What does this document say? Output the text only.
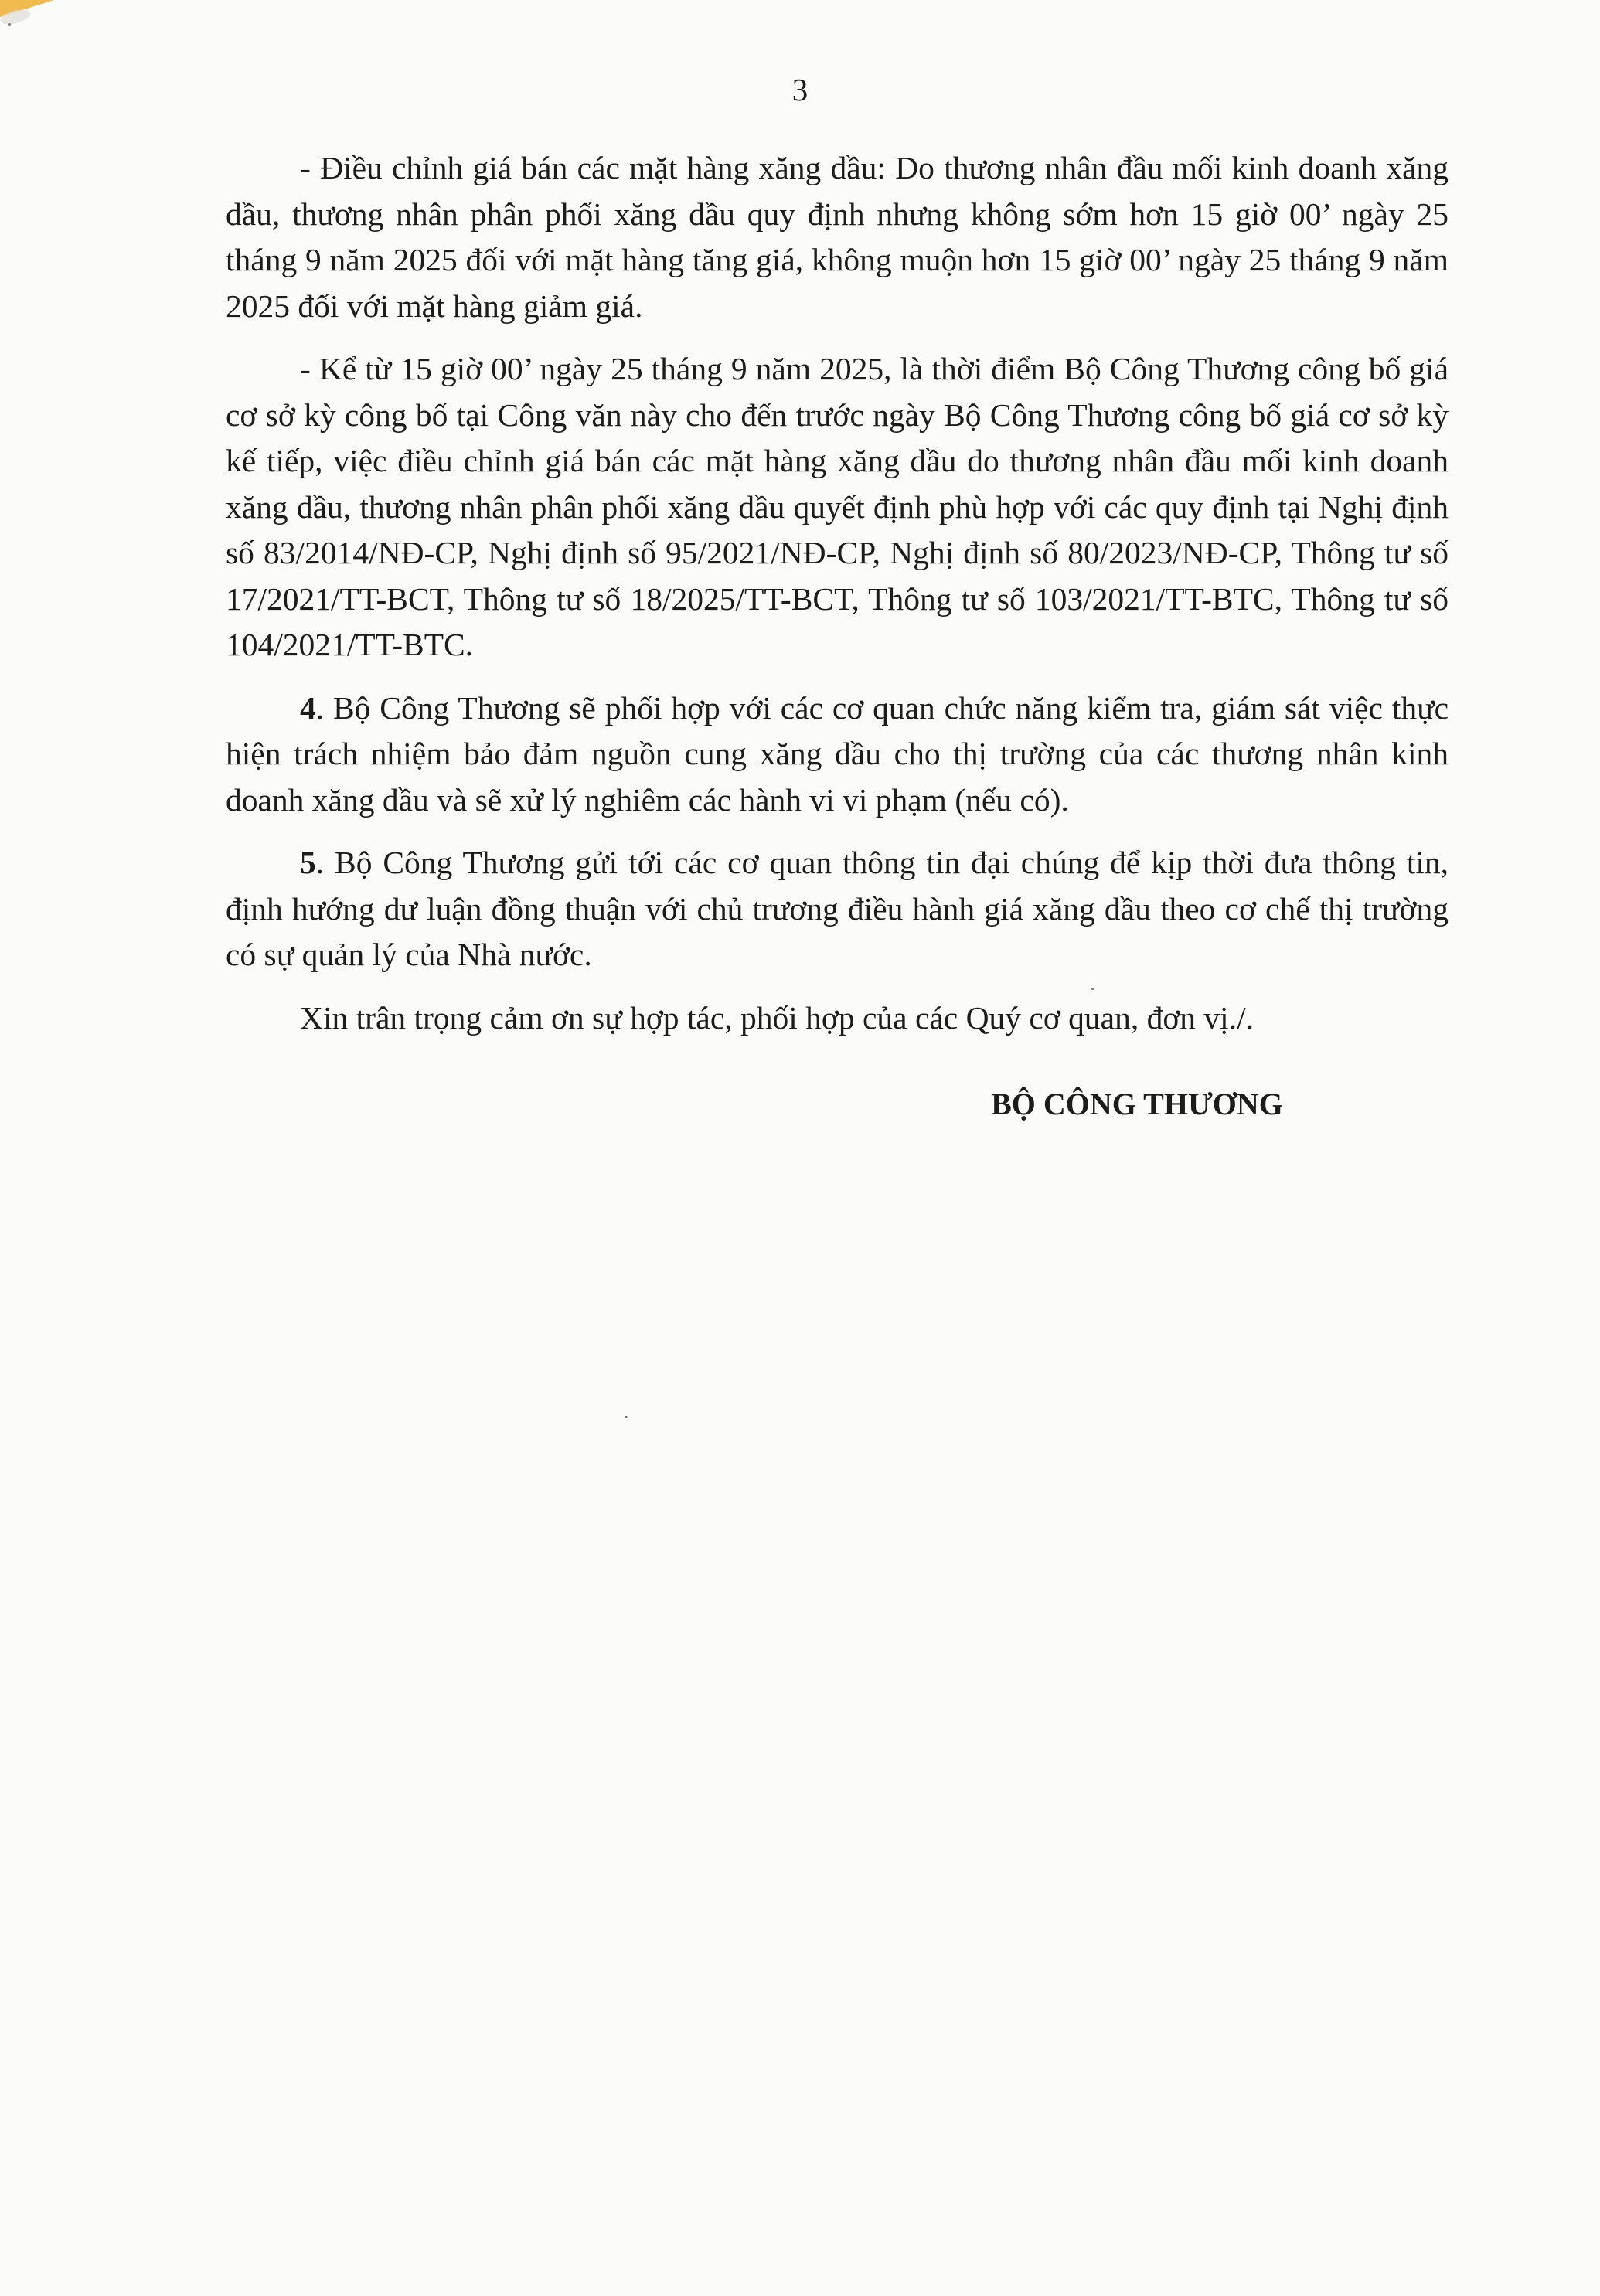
3

- Điều chỉnh giá bán các mặt hàng xăng dầu: Do thương nhân đầu mối kinh doanh xăng dầu, thương nhân phân phối xăng dầu quy định nhưng không sớm hơn 15 giờ 00’ ngày 25 tháng 9 năm 2025 đối với mặt hàng tăng giá, không muộn hơn 15 giờ 00’ ngày 25 tháng 9 năm 2025 đối với mặt hàng giảm giá.

- Kể từ 15 giờ 00’ ngày 25 tháng 9 năm 2025, là thời điểm Bộ Công Thương công bố giá cơ sở kỳ công bố tại Công văn này cho đến trước ngày Bộ Công Thương công bố giá cơ sở kỳ kế tiếp, việc điều chỉnh giá bán các mặt hàng xăng dầu do thương nhân đầu mối kinh doanh xăng dầu, thương nhân phân phối xăng dầu quyết định phù hợp với các quy định tại Nghị định số 83/2014/NĐ-CP, Nghị định số 95/2021/NĐ-CP, Nghị định số 80/2023/NĐ-CP, Thông tư số 17/2021/TT-BCT, Thông tư số 18/2025/TT-BCT, Thông tư số 103/2021/TT-BTC, Thông tư số 104/2021/TT-BTC.

4. Bộ Công Thương sẽ phối hợp với các cơ quan chức năng kiểm tra, giám sát việc thực hiện trách nhiệm bảo đảm nguồn cung xăng dầu cho thị trường của các thương nhân kinh doanh xăng dầu và sẽ xử lý nghiêm các hành vi vi phạm (nếu có).

5. Bộ Công Thương gửi tới các cơ quan thông tin đại chúng để kịp thời đưa thông tin, định hướng dư luận đồng thuận với chủ trương điều hành giá xăng dầu theo cơ chế thị trường có sự quản lý của Nhà nước.

Xin trân trọng cảm ơn sự hợp tác, phối hợp của các Quý cơ quan, đơn vị./.

BỘ CÔNG THƯƠNG
